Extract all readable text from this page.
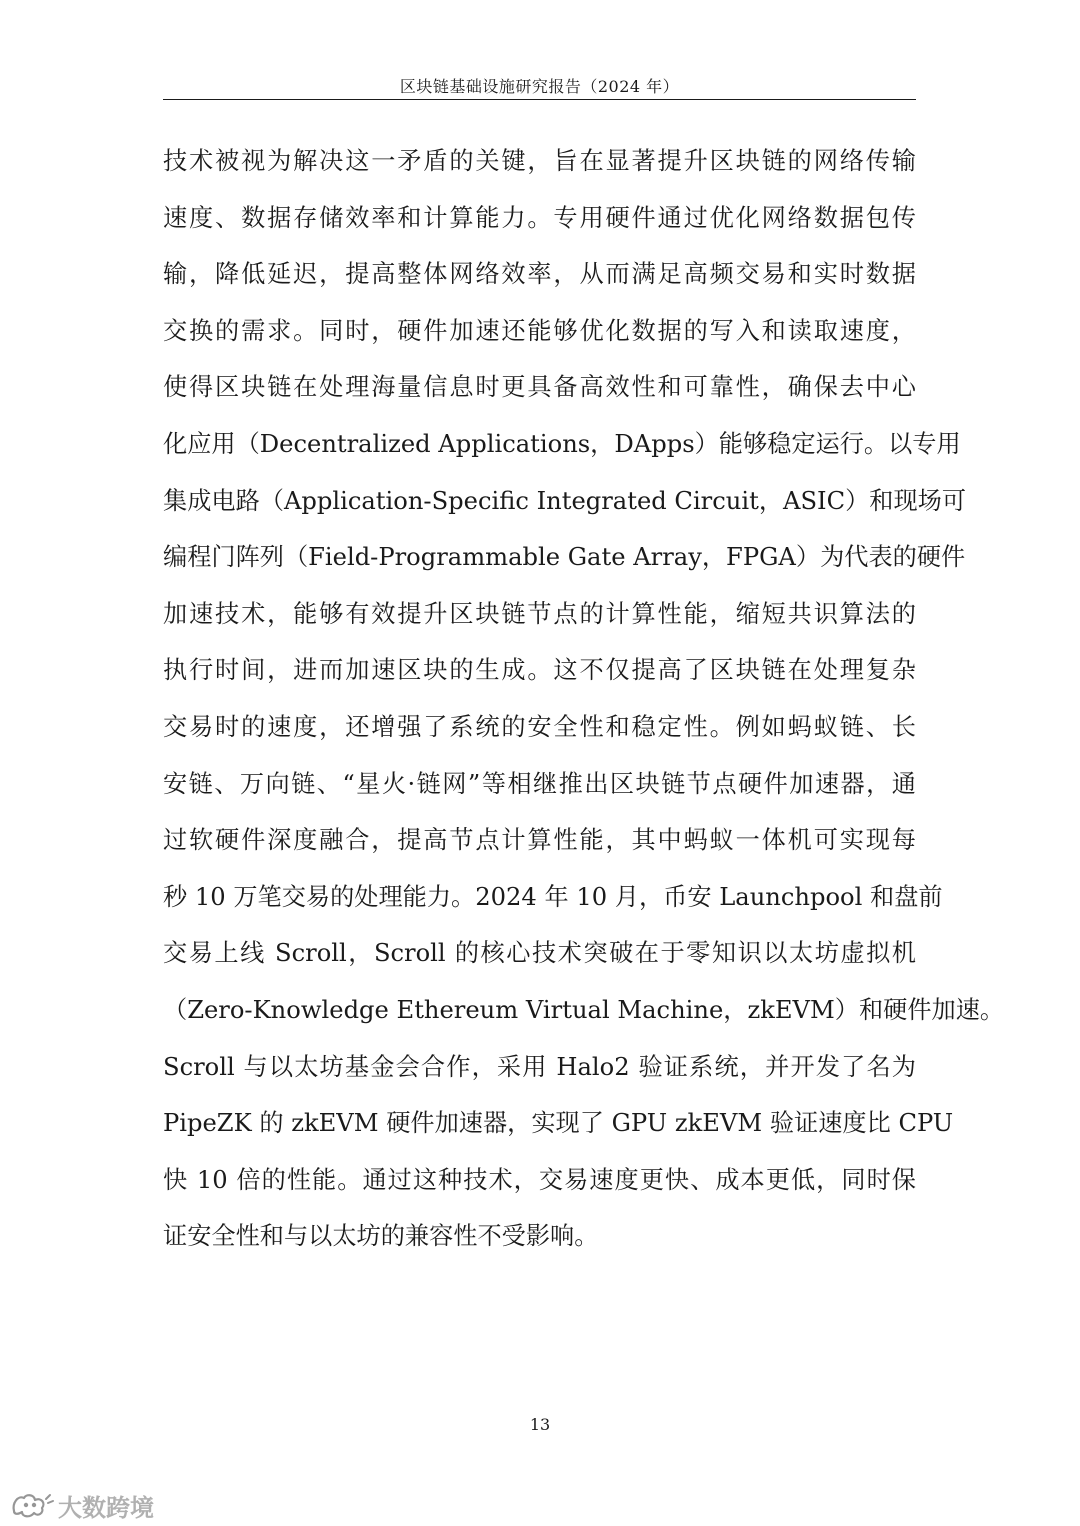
区块链基础设施研究报告（2024 年）
技术被视为解决这一矛盾的关键，旨在显著提升区块链的网络传输
速度、数据存储效率和计算能力。专用硬件通过优化网络数据包传
输，降低延迟，提高整体网络效率，从而满足高频交易和实时数据
交换的需求。同时，硬件加速还能够优化数据的写入和读取速度，
使得区块链在处理海量信息时更具备高效性和可靠性，确保去中心
化应用（Decentralized Applications，DApps）能够稳定运行。以专用
集成电路（Application-Specific Integrated Circuit，ASIC）和现场可
编程门阵列（Field-Programmable Gate Array，FPGA）为代表的硬件
加速技术，能够有效提升区块链节点的计算性能，缩短共识算法的
执行时间，进而加速区块的生成。这不仅提高了区块链在处理复杂
交易时的速度，还增强了系统的安全性和稳定性。例如蚂蚁链、长
安链、万向链、“星火·链网”等相继推出区块链节点硬件加速器，通
过软硬件深度融合，提高节点计算性能，其中蚂蚁一体机可实现每
秒 10 万笔交易的处理能力。2024 年 10 月，币安 Launchpool 和盘前
交易上线 Scroll，Scroll 的核心技术突破在于零知识以太坊虚拟机
（Zero-Knowledge Ethereum Virtual Machine，zkEVM）和硬件加速。
Scroll 与以太坊基金会合作，采用 Halo2 验证系统，并开发了名为
PipeZK 的 zkEVM 硬件加速器，实现了 GPU zkEVM 验证速度比 CPU
快 10 倍的性能。通过这种技术，交易速度更快、成本更低，同时保
证安全性和与以太坊的兼容性不受影响。
13
大数跨境
